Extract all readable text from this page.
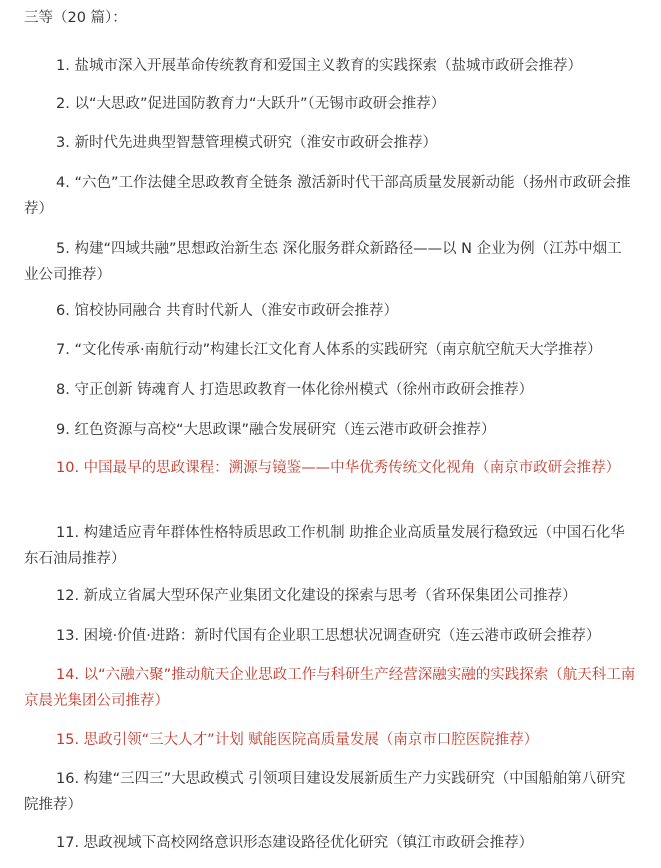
三等（20 篇）：
1. 盐城市深入开展革命传统教育和爱国主义教育的实践探索（盐城市政研会推荐）
2. 以“大思政”促进国防教育力“大跃升”（无锡市政研会推荐）
3. 新时代先进典型智慧管理模式研究（淮安市政研会推荐）
4. “六色”工作法健全思政教育全链条 激活新时代干部高质量发展新动能（扬州市政研会推荐）
5. 构建“四域共融”思想政治新生态 深化服务群众新路径——以 N 企业为例（江苏中烟工业公司推荐）
6. 馆校协同融合 共育时代新人（淮安市政研会推荐）
7. “文化传承·南航行动”构建长江文化育人体系的实践研究（南京航空航天大学推荐）
8. 守正创新 铸魂育人 打造思政教育一体化徐州模式（徐州市政研会推荐）
9. 红色资源与高校“大思政课”融合发展研究（连云港市政研会推荐）
10. 中国最早的思政课程：溯源与镜鉴——中华优秀传统文化视角（南京市政研会推荐）
11. 构建适应青年群体性格特质思政工作机制 助推企业高质量发展行稳致远（中国石化华东石油局推荐）
12. 新成立省属大型环保产业集团文化建设的探索与思考（省环保集团公司推荐）
13. 困境·价值·进路：新时代国有企业职工思想状况调查研究（连云港市政研会推荐）
14. 以“六融六聚”推动航天企业思政工作与科研生产经营深融实融的实践探索（航天科工南京晨光集团公司推荐）
15. 思政引领“三大人才”计划 赋能医院高质量发展（南京市口腔医院推荐）
16. 构建“三四三”大思政模式 引领项目建设发展新质生产力实践研究（中国船舶第八研究院推荐）
17. 思政视域下高校网络意识形态建设路径优化研究（镇江市政研会推荐）
